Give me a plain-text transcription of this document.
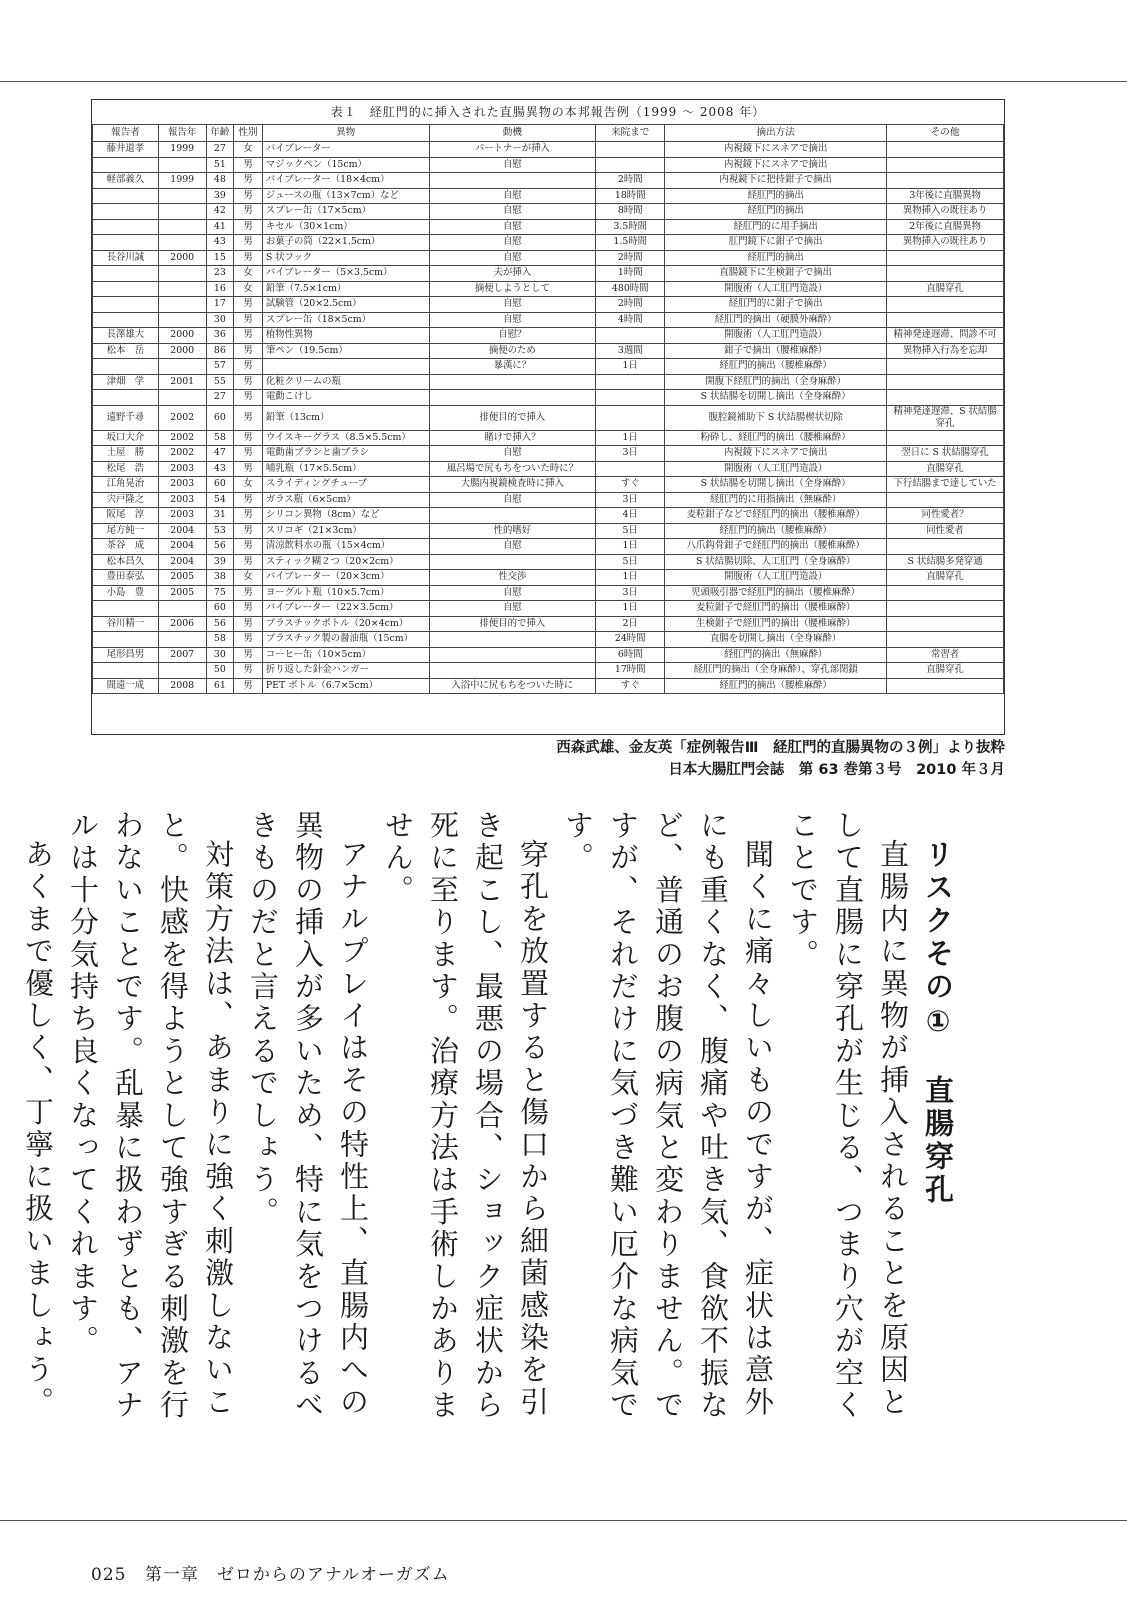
表１　経肛門的に挿入された直腸異物の本邦報告例（1999 ～ 2008 年）
報告者	報告年	年齢	性別	異物	動機	来院まで	摘出方法	その他
藤井道孝	1999	27	女	バイブレーター	パートナーが挿入		内視鏡下にスネアで摘出	
		51	男	マジックペン（15cm）	自慰		内視鏡下にスネアで摘出	
軽部義久	1999	48	男	バイブレーター（18×4cm）		2時間	内視鏡下に把持鉗子で摘出	
		39	男	ジュースの瓶（13×7cm）など	自慰	18時間	経肛門的摘出	3年後に直腸異物
		42	男	スプレー缶（17×5cm）	自慰	8時間	経肛門的摘出	異物挿入の既往あり
		41	男	キセル（30×1cm）	自慰	3.5時間	経肛門的に用手摘出	2年後に直腸異物
		43	男	お菓子の筒（22×1.5cm）	自慰	1.5時間	肛門鏡下に鉗子で摘出	異物挿入の既往あり
長谷川誠	2000	15	男	S 状フック	自慰	2時間	経肛門的摘出	
		23	女	バイブレーター（5×3.5cm）	夫が挿入	1時間	直腸鏡下に生検鉗子で摘出	
		16	女	鉛筆（7.5×1cm）	摘便しようとして	480時間	開腹術（人工肛門造設）	直腸穿孔
		17	男	試験管（20×2.5cm）	自慰	2時間	経肛門的に鉗子で摘出	
		30	男	スプレー缶（18×5cm）	自慰	4時間	経肛門的摘出（硬膜外麻酔）	
長澤雄大	2000	36	男	植物性異物	自慰？		開腹術（人工肛門造設）	精神発達遅滞、問診不可
松本　岳	2000	86	男	筆ペン（19.5cm）	摘便のため	3週間	鉗子で摘出（腰椎麻酔）	異物挿入行為を忘却
		57	男		暴漢に？	1日	経肛門的摘出（腰椎麻酔）	
津畑　学	2001	55	男	化粧クリームの瓶			開腹下経肛門的摘出（全身麻酔）	
		27	男	電動こけし			S 状結腸を切開し摘出（全身麻酔）	
遠野千尋	2002	60	男	鉛筆（13cm）	排便目的で挿入		腹腔鏡補助下 S 状結腸楔状切除	精神発達遅滞、S 状結腸穿孔
坂口大介	2002	58	男	ウイスキーグラス（8.5×5.5cm）	賭けで挿入？	1日	粉砕し、経肛門的摘出（腰椎麻酔）	
土屋　勝	2002	47	男	電動歯ブラシと歯ブラシ	自慰	3日	内視鏡下にスネアで摘出	翌日に S 状結腸穿孔
松尾　浩	2003	43	男	哺乳瓶（17×5.5cm）	風呂場で尻もちをついた時に？		開腹術（人工肛門造設）	直腸穿孔
江角晃治	2003	60	女	スライディングチューブ	大腸内視鏡検査時に挿入	すぐ	S 状結腸を切開し摘出（全身麻酔）	下行結腸まで達していた
宍戸隆之	2003	54	男	ガラス瓶（6×5cm）	自慰	3日	経肛門的に用指摘出（無麻酔）	
阪尾　淳	2003	31	男	シリコン異物（8cm）など		4日	麦粒鉗子などで経肛門的摘出（腰椎麻酔）	同性愛者？
尾方純一	2004	53	男	スリコギ（21×3cm）	性的嗜好	5日	経肛門的摘出（腰椎麻酔）	同性愛者
茶谷　成	2004	56	男	清涼飲料水の瓶（15×4cm）	自慰	1日	八爪鈎骨鉗子で経肛門的摘出（腰椎麻酔）	
松本昌久	2004	39	男	スティック糊２つ（20×2cm）		5日	S 状結腸切除、人工肛門（全身麻酔）	S 状結腸多発穿通
豊田泰弘	2005	38	女	バイブレーター（20×3cm）	性交渉	1日	開腹術（人工肛門造設）	直腸穿孔
小島　豊	2005	75	男	ヨーグルト瓶（10×5.7cm）	自慰	3日	児頭吸引器で経肛門的摘出（腰椎麻酔）	
		60	男	バイブレーター（22×3.5cm）	自慰	1日	麦粒鉗子で経肛門的摘出（腰椎麻酔）	
谷川精一	2006	56	男	プラスチックボトル（20×4cm）	排便目的で挿入	2日	生検鉗子で経肛門的摘出（腰椎麻酔）	
		58	男	プラスチック製の醤油瓶（15cm）		24時間	直腸を切開し摘出（全身麻酔）	
尾形昌男	2007	30	男	コーヒー缶（10×5cm）		6時間	経肛門的摘出（無麻酔）	常習者
		50	男	折り返した針金ハンガー		17時間	経肛門的摘出（全身麻酔）、穿孔部閉鎖	直腸穿孔
間遠一成	2008	61	男	PET ボトル（6.7×5cm）	入浴中に尻もちをついた時に	すぐ	経肛門的摘出（腰椎麻酔）	
西森武雄、金友英「症例報告Ⅲ　経肛門的直腸異物の３例」より抜粋
日本大腸肛門会誌　第 63 巻第３号　2010 年３月

リスクその①　直腸穿孔

直腸内に異物が挿入されることを原因として直腸に穿孔が生じる、つまり穴が空くことです。

聞くに痛々しいものですが、症状は意外にも重くなく、腹痛や吐き気、食欲不振など、普通のお腹の病気と変わりません。ですが、それだけに気づき難い厄介な病気です。

穿孔を放置すると傷口から細菌感染を引き起こし、最悪の場合、ショック症状から死に至ります。治療方法は手術しかありません。

アナルプレイはその特性上、直腸内への異物の挿入が多いため、特に気をつけるべきものだと言えるでしょう。

対策方法は、あまりに強く刺激しないこと。快感を得ようとして強すぎる刺激を行わないことです。乱暴に扱わずとも、アナルは十分気持ち良くなってくれます。

あくまで優しく、丁寧に扱いましょう。

025 第一章　ゼロからのアナルオーガズム
